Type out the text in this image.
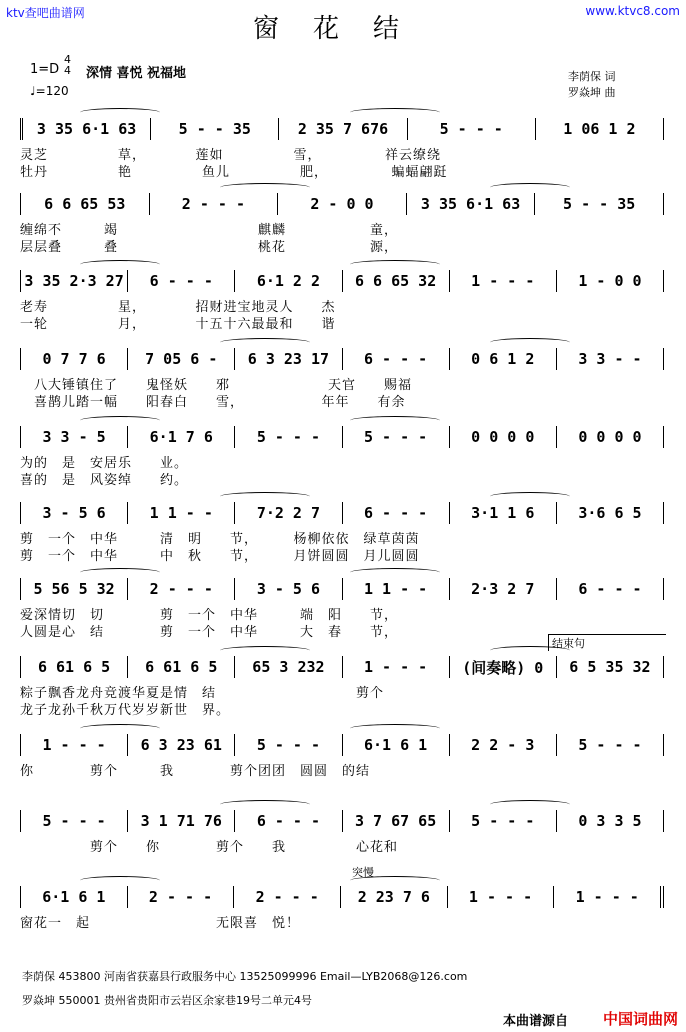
ktv查吧曲谱网	www.ktvc8.com
窗花结
1=D
4
4 深情 喜悦 祝福地
♩=120
李荫保 词
罗焱坤 曲
3 35 6·1 63	5 - - 35	2 35 7 676	5 - - -	1 06 1 2
灵芝　　　　　草，　　　　莲如　　　　　雪，　　　　　祥云缭绕
牡丹　　　　　艳　　　　　鱼儿　　　　　肥，　　　　　蝙蝠翩跹
6 6 65 53	2 - - -	2 - 0 0	3 35 6·1 63	5 - - 35
缠绵不　　　竭　　　　　　　　　　麒麟　　　　　　童，
层层叠　　　叠　　　　　　　　　　桃花　　　　　　源，
3 35 2·3 27	6 - - -	6·1 2 2	6 6 65 32	1 - - -	1 - 0 0
老寿　　　　　星，　　　　招财进宝地灵人　　杰
一轮　　　　　月，　　　　十五十六最最和　　谐
0 7 7 6	7 05 6 -	6 3 23 17	6 - - -	0 6 1 2	3 3 - -
　八大锤镇住了　　鬼怪妖　　邪　　　　　　　天官　　赐福
　喜鹊儿踏一幅　　阳春白　　雪，　　　　　　年年　　有余
3 3 - 5	6·1 7 6	5 - - -	5 - - -	0 0 0 0	0 0 0 0
为的　是　安居乐　　业。
喜的　是　风姿绰　　约。
3 - 5 6	1 1 - -	7·2 2 7	6 - - -	3·1 1 6	3·6 6 5
剪　一个　中华　　　清　明　　节，　　　杨柳依依　绿草茵茵
剪　一个　中华　　　中　秋　　节，　　　月饼圆圆　月儿圆圆
5 56 5 32	2 - - -	3 - 5 6	1 1 - -	2·3 2 7	6 - - -
爱深情切　切　　　　剪　一个　中华　　　端　阳　　节，
人圆是心　结　　　　剪　一个　中华　　　大　春　　节，
6 61 6 5	6 61 6 5	65 3 232	1 - - -	(间奏略) 0	6 5 35 32
粽子飘香龙舟竞渡华夏是情　结　　　　　　　　　　剪个
龙子龙孙千秋万代岁岁新世　界。
1 - - -	6 3 23 61	5 - - -	6·1 6 1	2 2 - 3	5 - - -
你　　　　剪个　　　我　　　　剪个团团　圆圆　的结
5 - - -	3 1 71 76	6 - - -	3 7 67 65	5 - - -	0 3 3 5
　　　　　剪个　　你　　　　剪个　　我　　　　　心花和
6·1 6 1	2 - - -	2 - - -	2 23 7 6	1 - - -	1 - - -
窗花一　起　　　　　　　　　无限喜　悦！
突慢
结束句
李荫保 453800 河南省获嘉县行政服务中心 13525099996 Email—LYB2068@126.com
罗焱坤 550001 贵州省贵阳市云岩区余家巷19号二单元4号
本曲谱源自 中国词曲网
